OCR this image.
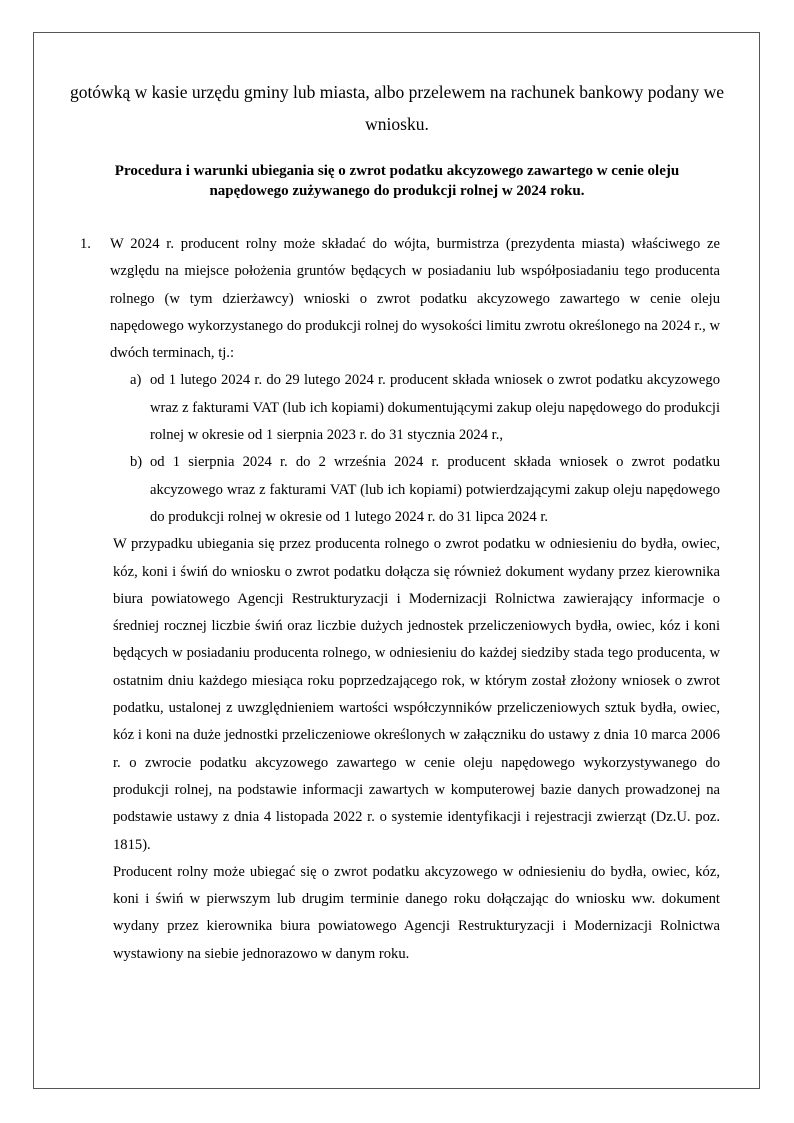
gotówką w kasie urzędu gminy lub miasta, albo przelewem na rachunek bankowy podany we wniosku.
Procedura i warunki ubiegania się o zwrot podatku akcyzowego zawartego w cenie oleju napędowego zużywanego do produkcji rolnej w 2024 roku.
1. W 2024 r. producent rolny może składać do wójta, burmistrza (prezydenta miasta) właściwego ze względu na miejsce położenia gruntów będących w posiadaniu lub współposiadaniu tego producenta rolnego (w tym dzierżawcy) wnioski o zwrot podatku akcyzowego zawartego w cenie oleju napędowego wykorzystanego do produkcji rolnej do wysokości limitu zwrotu określonego na 2024 r., w dwóch terminach, tj.:
a) od 1 lutego 2024 r. do 29 lutego 2024 r. producent składa wniosek o zwrot podatku akcyzowego wraz z fakturami VAT (lub ich kopiami) dokumentującymi zakup oleju napędowego do produkcji rolnej w okresie od 1 sierpnia 2023 r. do 31 stycznia 2024 r.,
b) od 1 sierpnia 2024 r. do 2 września 2024 r. producent składa wniosek o zwrot podatku akcyzowego wraz z fakturami VAT (lub ich kopiami) potwierdzającymi zakup oleju napędowego do produkcji rolnej w okresie od 1 lutego 2024 r. do 31 lipca 2024 r.
W przypadku ubiegania się przez producenta rolnego o zwrot podatku w odniesieniu do bydła, owiec, kóz, koni i świń do wniosku o zwrot podatku dołącza się również dokument wydany przez kierownika biura powiatowego Agencji Restrukturyzacji i Modernizacji Rolnictwa zawierający informacje o średniej rocznej liczbie świń oraz liczbie dużych jednostek przeliczeniowych bydła, owiec, kóz i koni będących w posiadaniu producenta rolnego, w odniesieniu do każdej siedziby stada tego producenta, w ostatnim dniu każdego miesiąca roku poprzedzającego rok, w którym został złożony wniosek o zwrot podatku, ustalonej z uwzględnieniem wartości współczynników przeliczeniowych sztuk bydła, owiec, kóz i koni na duże jednostki przeliczeniowe określonych w załączniku do ustawy z dnia 10 marca 2006 r. o zwrocie podatku akcyzowego zawartego w cenie oleju napędowego wykorzystywanego do produkcji rolnej, na podstawie informacji zawartych w komputerowej bazie danych prowadzonej na podstawie ustawy z dnia 4 listopada 2022 r. o systemie identyfikacji i rejestracji zwierząt (Dz.U. poz. 1815).
Producent rolny może ubiegać się o zwrot podatku akcyzowego w odniesieniu do bydła, owiec, kóz, koni i świń w pierwszym lub drugim terminie danego roku dołączając do wniosku ww. dokument wydany przez kierownika biura powiatowego Agencji Restrukturyzacji i Modernizacji Rolnictwa wystawiony na siebie jednorazowo w danym roku.
